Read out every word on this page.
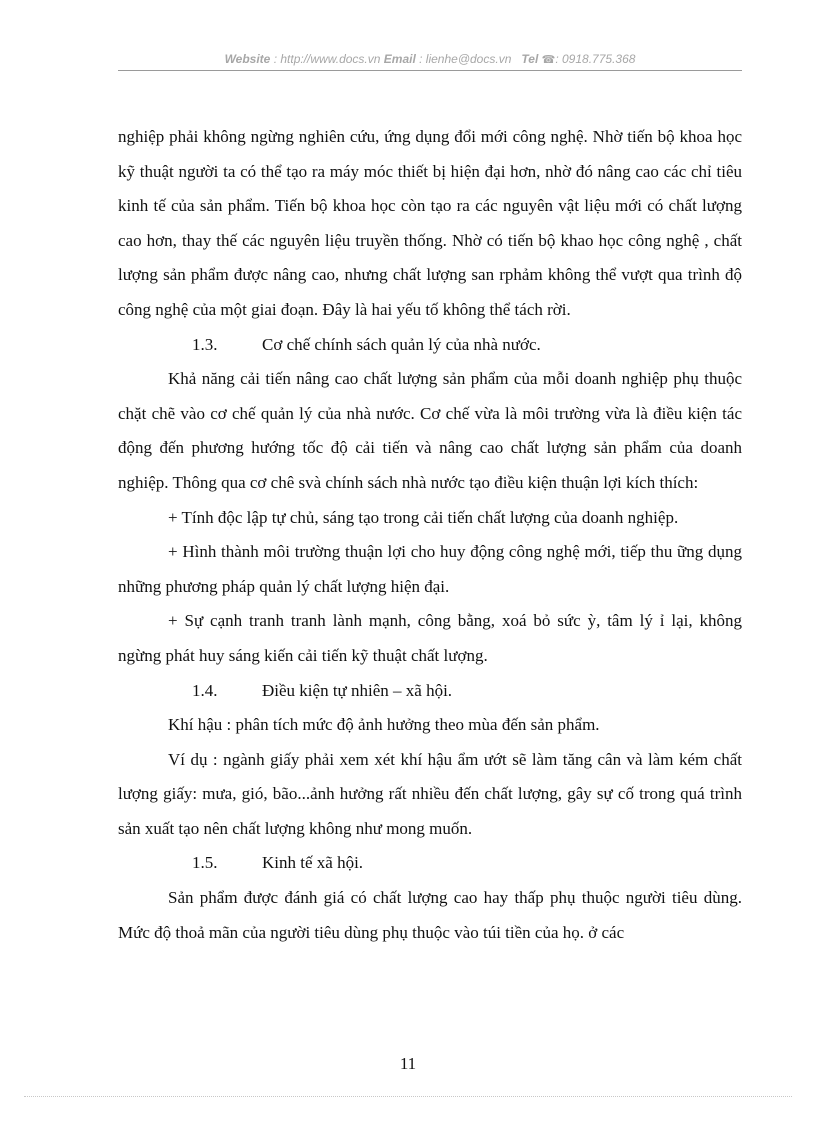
Website : http://www.docs.vn Email : lienhe@docs.vn Tel ☎: 0918.775.368

nghiệp phải không ngừng nghiên cứu, ứng dụng đổi mới công nghệ. Nhờ tiến bộ khoa học kỹ thuật người ta có thể tạo ra máy móc thiết bị hiện đại hơn, nhờ đó nâng cao các chỉ tiêu kinh tế của sản phẩm. Tiến bộ khoa học còn tạo ra các nguyên vật liệu mới có chất lượng cao hơn, thay thế các nguyên liệu truyền thống. Nhờ có tiến bộ khao học công nghệ , chất lượng sản phẩm được nâng cao, nhưng chất lượng san rphảm không thể vượt qua trình độ công nghệ của một giai đoạn. Đây là hai yếu tố không thể tách rời.

1.3.	Cơ chế chính sách quản lý của nhà nước.

Khả năng cải tiến nâng cao chất lượng sản phẩm của mỗi doanh nghiệp phụ thuộc chặt chẽ vào cơ chế quản lý của nhà nước. Cơ chế vừa là môi trường vừa là điều kiện tác động đến phương hướng tốc độ cải tiến và nâng cao chất lượng sản phẩm của doanh nghiệp. Thông qua cơ chê svà chính sách nhà nước tạo điều kiện thuận lợi kích thích:

+ Tính độc lập tự chủ, sáng tạo trong cải tiến chất lượng của doanh nghiệp.

+ Hình thành môi trường thuận lợi cho huy động công nghệ mới, tiếp thu ững dụng những phương pháp quản lý chất lượng hiện đại.

+ Sự cạnh tranh tranh lành mạnh, công bằng, xoá bỏ sức ỳ, tâm lý ỉ lại, không ngừng phát huy sáng kiến cải tiến kỹ thuật chất lượng.

1.4.	Điều kiện tự nhiên – xã hội.

Khí hậu : phân tích mức độ ảnh hưởng theo mùa đến sản phẩm.

Ví dụ : ngành giấy phải xem xét khí hậu ẩm ướt sẽ làm tăng cân và làm kém chất lượng giấy: mưa, gió, bão...ảnh hưởng rất nhiều đến chất lượng, gây sự cố trong quá trình sản xuất tạo nên chất lượng không như mong muốn.

1.5.	Kinh tế xã hội.

Sản phẩm được đánh giá có chất lượng cao hay thấp phụ thuộc người tiêu dùng. Mức độ thoả mãn của người tiêu dùng phụ thuộc vào túi tiền của họ. ở các

11
